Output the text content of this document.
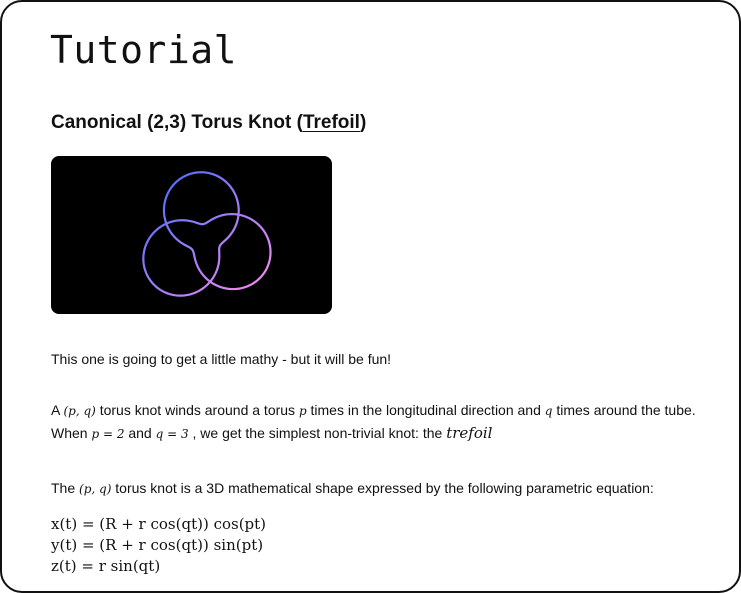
Tutorial
Canonical (2,3) Torus Knot (Trefoil)

This one is going to get a little mathy - but it will be fun!

A (p, q) torus knot winds around a torus p times in the longitudinal direction and q times around the tube. When p = 2 and q = 3 , we get the simplest non-trivial knot: the trefoil

The (p, q) torus knot is a 3D mathematical shape expressed by the following parametric equation:

x(t) = (R + r cos(qt)) cos(pt)
y(t) = (R + r cos(qt)) sin(pt)
z(t) = r sin(qt)
